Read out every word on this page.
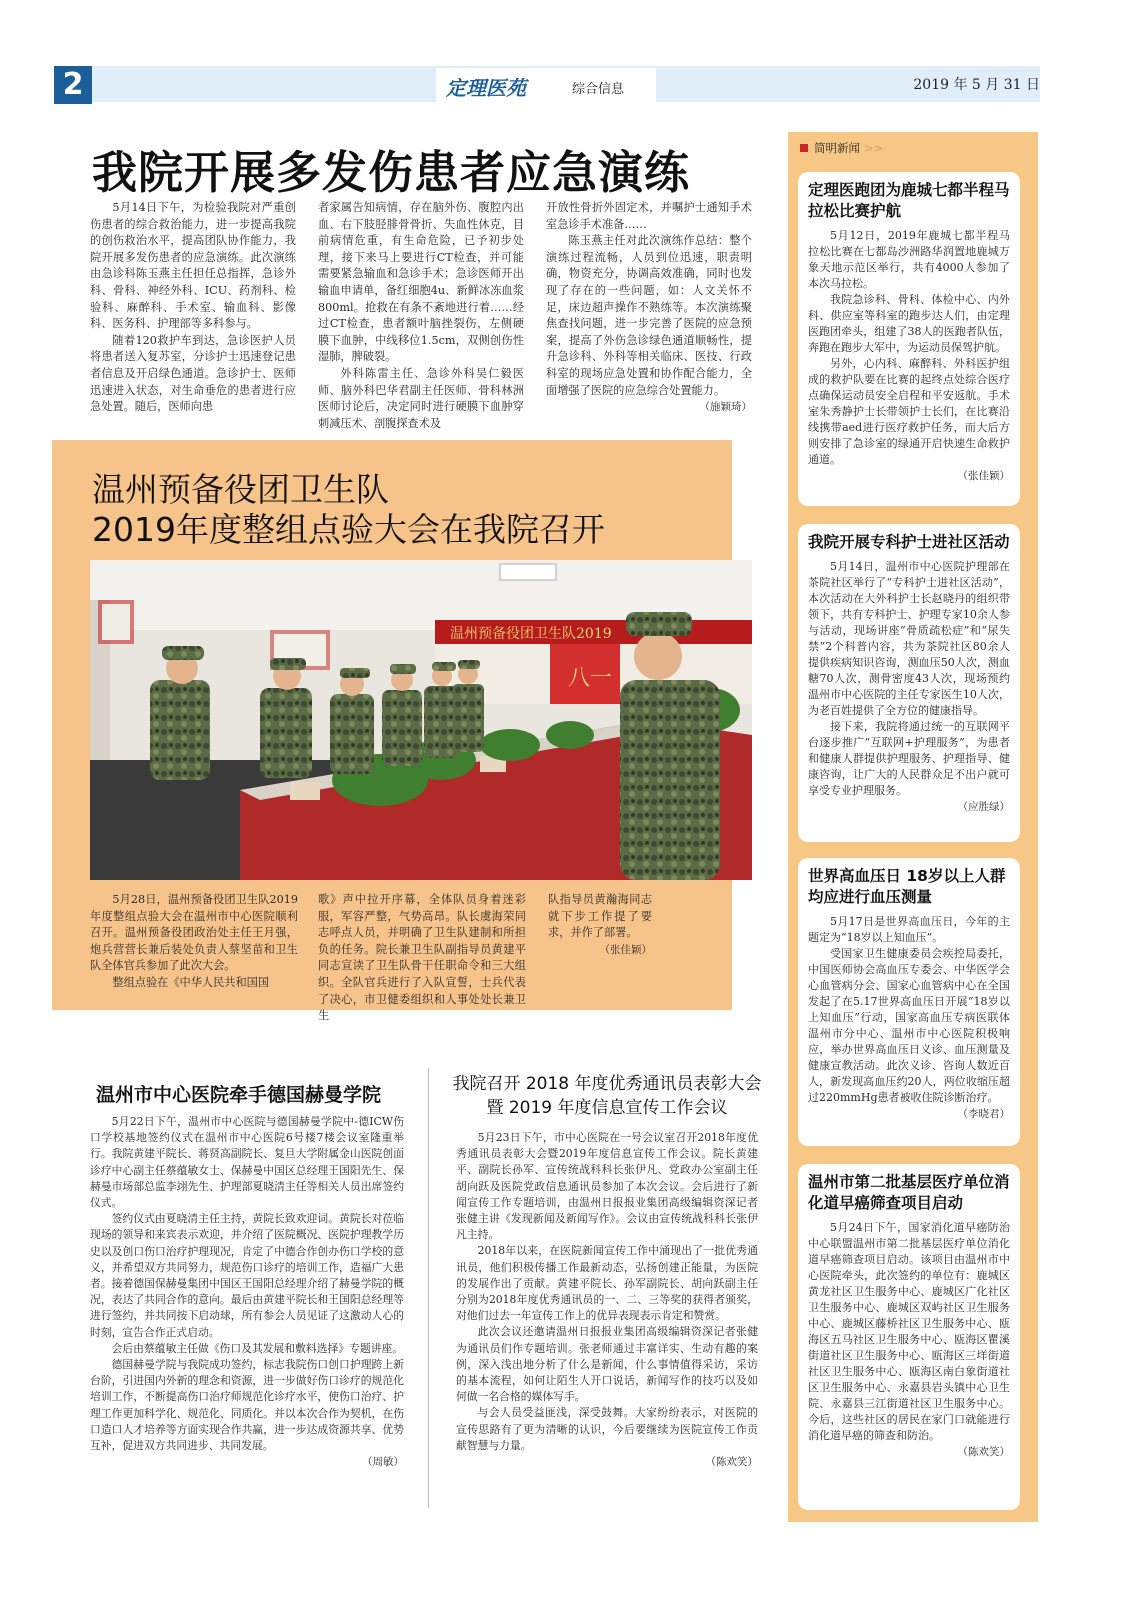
2	定理医苑	综合信息	2019 年 5 月 31 日
我院开展多发伤患者应急演练

5月14日下午，为检验我院对严重创伤患者的综合救治能力，进一步提高我院的创伤救治水平，提高团队协作能力，我院开展多发伤患者的应急演练。此次演练由急诊科陈玉燕主任担任总指挥，急诊外科、骨科、神经外科、ICU、药剂科、检验科、麻醉科、手术室、输血科、影像科、医务科、护理部等多科参与。

随着120救护车到达，急诊医护人员将患者送入复苏室，分诊护士迅速登记患者信息及开启绿色通道。急诊护士、医师迅速进入状态，对生命垂危的患者进行应急处置。随后，医师向患

者家属告知病情，存在脑外伤、腹腔内出血、右下肢胫腓骨骨折、失血性休克，目前病情危重，有生命危险，已予初步处理，接下来马上要进行CT检查，并可能需要紧急输血和急诊手术；急诊医师开出输血申请单，备红细胞4u、新鲜冰冻血浆800ml。抢救在有条不紊地进行着……经过CT检查，患者额叶脑挫裂伤，左侧硬膜下血肿，中线移位1.5cm，双侧创伤性湿肺，脾破裂。

外科陈雷主任、急诊外科吴仁毅医师、脑外科巴华君副主任医师、骨科林洲医师讨论后，决定同时进行硬膜下血肿穿刺减压术、剖腹探查术及

开放性骨折外固定术，并嘱护士通知手术室急诊手术准备……

陈玉燕主任对此次演练作总结：整个演练过程流畅，人员到位迅速，职责明确，物资充分，协调高效准确，同时也发现了存在的一些问题，如：人文关怀不足，床边超声操作不熟练等。本次演练聚焦查找问题，进一步完善了医院的应急预案，提高了外伤急诊绿色通道顺畅性，提升急诊科、外科等相关临床、医技、行政科室的现场应急处置和协作配合能力，全面增强了医院的应急综合处置能力。

（施颖琦）
温州预备役团卫生队
2019年度整组点验大会在我院召开
温州预备役团卫生队2019
八一

5月28日，温州预备役团卫生队2019年度整组点验大会在温州市中心医院顺利召开。温州预备役团政治处主任王月强，炮兵营营长兼后装处负责人蔡坚苗和卫生队全体官兵参加了此次大会。

整组点验在《中华人民共和国国

歌》声中拉开序幕，全体队员身着迷彩服，军容严整，气势高昂。队长虞海荣同志呼点人员，并明确了卫生队建制和所担负的任务。院长兼卫生队副指导员黄建平同志宣读了卫生队骨干任职命令和三大组织。全队官兵进行了入队宣誓，士兵代表了决心，市卫健委组织和人事处处长兼卫生

队指导员黄瀚海同志就下步工作提了要求，并作了部署。

（张佳颖）
温州市中心医院牵手德国赫曼学院

5月22日下午，温州市中心医院与德国赫曼学院中-德ICW伤口学校基地签约仪式在温州市中心医院6号楼7楼会议室隆重举行。我院黄建平院长、蒋贤高副院长、复旦大学附属金山医院创面诊疗中心副主任蔡蕴敏女士、保赫曼中国区总经理王国阳先生、保赫曼市场部总监李翊先生、护理部夏晓清主任等相关人员出席签约仪式。

签约仪式由夏晓清主任主持，黄院长致欢迎词。黄院长对莅临现场的领导和来宾表示欢迎，并介绍了医院概况、医院护理教学历史以及创口伤口治疗护理现况，肯定了中德合作创办伤口学校的意义，并希望双方共同努力，规范伤口诊疗的培训工作，造福广大患者。接着德国保赫曼集团中国区王国阳总经理介绍了赫曼学院的概况，表达了共同合作的意向。最后由黄建平院长和王国阳总经理等进行签约，并共同按下启动球，所有参会人员见证了这激动人心的时刻，宣告合作正式启动。

会后由蔡蕴敏主任做《伤口及其发展和敷料选择》专题讲座。

德国赫曼学院与我院成功签约，标志我院伤口创口护理跨上新台阶，引进国内外新的理念和资源，进一步做好伤口诊疗的规范化培训工作，不断提高伤口治疗师规范化诊疗水平，使伤口治疗、护理工作更加科学化、规范化、同质化。并以本次合作为契机，在伤口造口人才培养等方面实现合作共赢，进一步达成资源共享、优势互补，促进双方共同进步、共同发展。

（周敏）
我院召开 2018 年度优秀通讯员表彰大会
暨 2019 年度信息宣传工作会议

5月23日下午，市中心医院在一号会议室召开2018年度优秀通讯员表彰大会暨2019年度信息宣传工作会议。院长黄建平、副院长孙军、宣传统战科科长张伊凡、党政办公室副主任胡向跃及医院党政信息通讯员参加了本次会议。会后进行了新闻宣传工作专题培训，由温州日报报业集团高级编辑资深记者张健主讲《发现新闻及新闻写作》。会议由宣传统战科科长张伊凡主持。

2018年以来，在医院新闻宣传工作中涌现出了一批优秀通讯员，他们积极传播工作最新动态，弘扬创建正能量，为医院的发展作出了贡献。黄建平院长、孙军副院长、胡向跃副主任分别为2018年度优秀通讯员的一、二、三等奖的获得者颁奖，对他们过去一年宣传工作上的优异表现表示肯定和赞赏。

此次会议还邀请温州日报报业集团高级编辑资深记者张健为通讯员们作专题培训。张老师通过丰富详实、生动有趣的案例，深入浅出地分析了什么是新闻，什么事情值得采访，采访的基本流程，如何让陌生人开口说话，新闻写作的技巧以及如何做一名合格的媒体写手。

与会人员受益匪浅，深受鼓舞。大家纷纷表示，对医院的宣传思路有了更为清晰的认识，今后要继续为医院宣传工作贡献智慧与力量。

（陈欢笑）
简明新闻 >>
定理医跑团为鹿城七都半程马拉松比赛护航

5月12日，2019年鹿城七都半程马拉松比赛在七都岛沙洲路华润置地鹿城万象天地示范区举行，共有4000人参加了本次马拉松。

我院急诊科、骨科、体检中心、内外科、供应室等科室的跑步达人们，由定理医跑团牵头，组建了38人的医跑者队伍，奔跑在跑步大军中，为运动员保驾护航。

另外，心内科、麻醉科、外科医护组成的救护队要在比赛的起终点处综合医疗点确保运动员安全启程和平安返航。手术室朱秀静护士长带领护士长们，在比赛沿线携带aed进行医疗救护任务，而大后方则安排了急诊室的绿通开启快速生命救护通道。

（张佳颖）
我院开展专科护士进社区活动

5月14日，温州市中心医院护理部在茶院社区举行了“专科护士进社区活动”，本次活动在大外科护士长赵晓丹的组织带领下，共有专科护士、护理专家10余人参与活动，现场讲座“骨质疏松症”和“尿失禁”2个科普内容，共为茶院社区80余人提供疾病知识咨询，测血压50人次，测血糖70人次，测骨密度43人次，现场预约温州市中心医院的主任专家医生10人次，为老百姓提供了全方位的健康指导。

接下来，我院将通过统一的互联网平台逐步推广“互联网+护理服务”，为患者和健康人群提供护理服务、护理指导、健康咨询，让广大的人民群众足不出户就可享受专业护理服务。

（应胜绿）
世界高血压日 18岁以上人群均应进行血压测量

5月17日是世界高血压日，今年的主题定为“18岁以上知血压”。

受国家卫生健康委员会疾控局委托，中国医师协会高血压专委会、中华医学会心血管病分会、国家心血管病中心在全国发起了在5.17世界高血压日开展“18岁以上知血压”行动，国家高血压专病医联体温州市分中心、温州市中心医院积极响应，举办世界高血压日义诊、血压测量及健康宣教活动。此次义诊、咨询人数近百人，新发现高血压约20人，两位收缩压超过220mmHg患者被收住院诊断治疗。

（李晓君）
温州市第二批基层医疗单位消化道早癌筛查项目启动

5月24日下午，国家消化道早癌防治中心联盟温州市第二批基层医疗单位消化道早癌筛查项目启动。该项目由温州市中心医院牵头，此次签约的单位有：鹿城区黄龙社区卫生服务中心、鹿城区广化社区卫生服务中心、鹿城区双屿社区卫生服务中心、鹿城区藤桥社区卫生服务中心、瓯海区五马社区卫生服务中心、瓯海区瞿溪街道社区卫生服务中心、瓯海区三垟街道社区卫生服务中心、瓯海区南白象街道社区卫生服务中心、永嘉县岩头镇中心卫生院、永嘉县三江街道社区卫生服务中心。今后，这些社区的居民在家门口就能进行消化道早癌的筛查和防治。

（陈欢笑）
